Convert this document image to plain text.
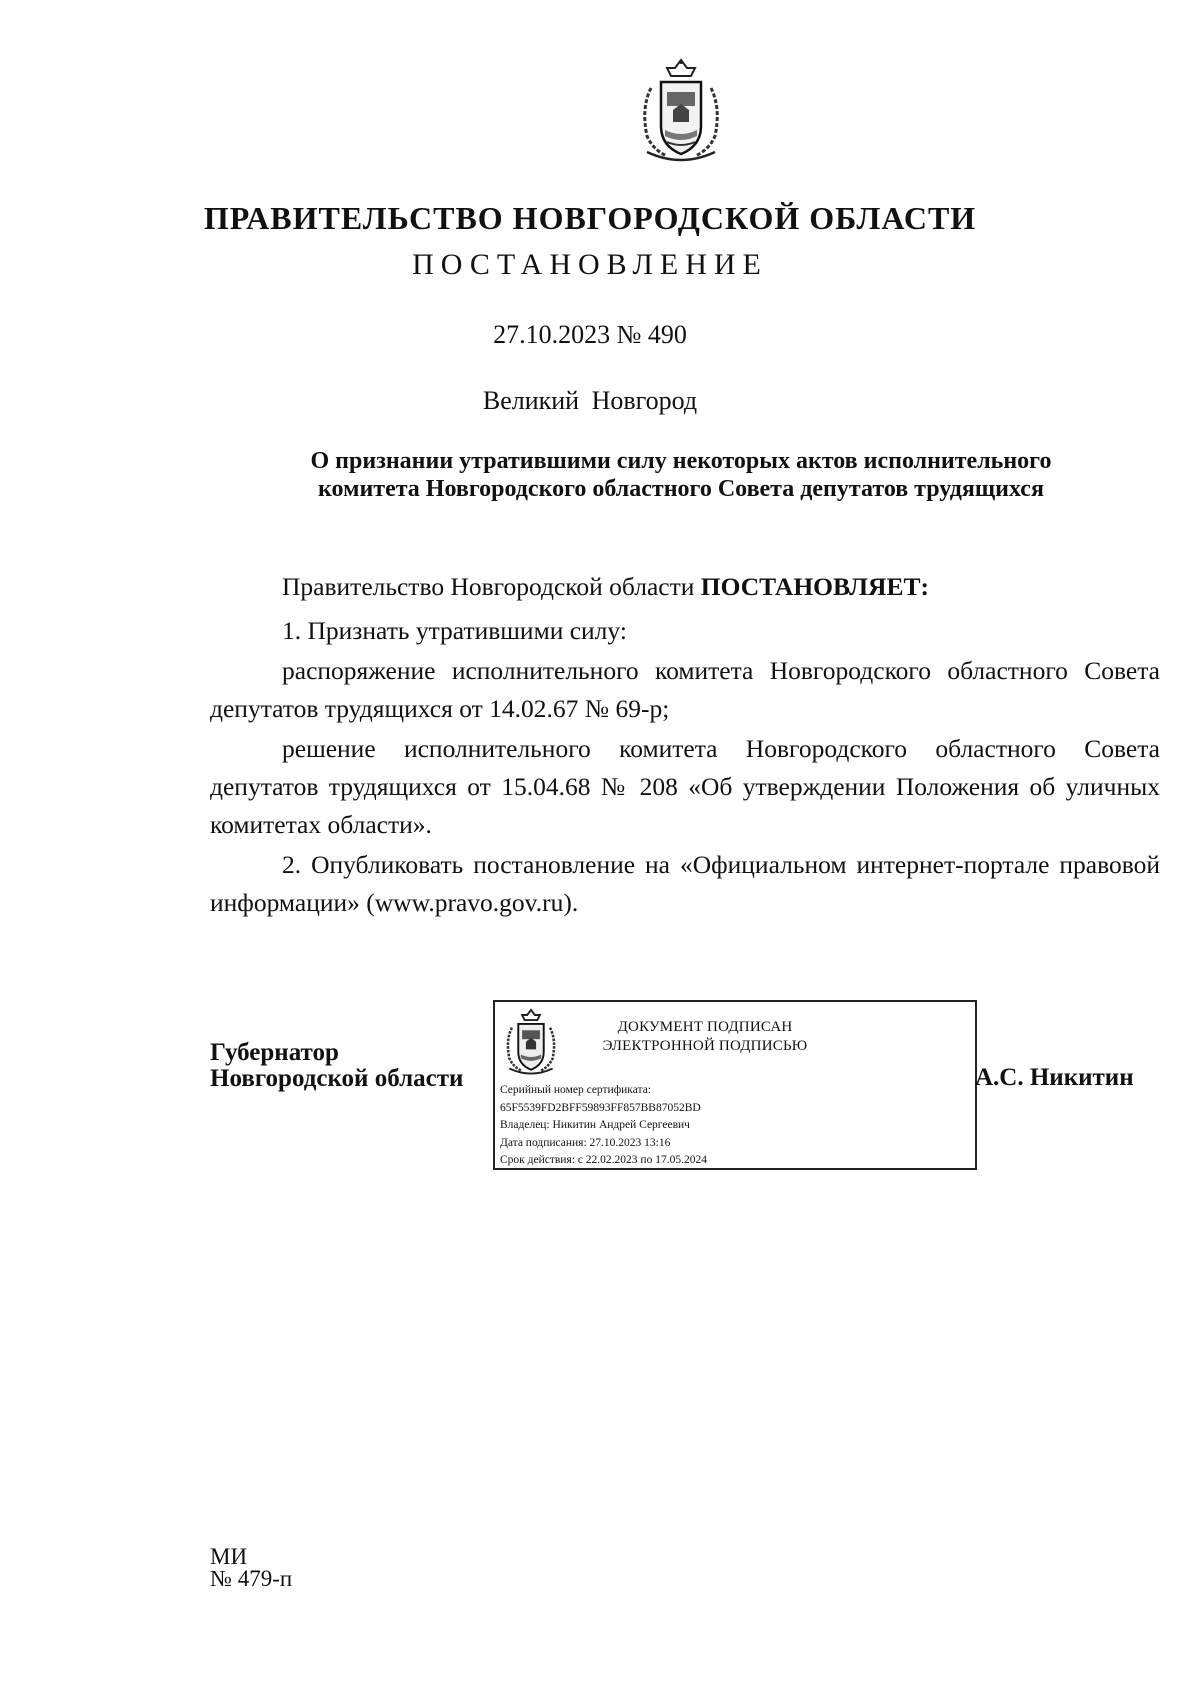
ПРАВИТЕЛЬСТВО НОВГОРОДСКОЙ ОБЛАСТИ
ПОСТАНОВЛЕНИЕ
27.10.2023 № 490
Великий Новгород
О признании утратившими силу некоторых актов исполнительного
комитета Новгородского областного Совета депутатов трудящихся

Правительство Новгородской области ПОСТАНОВЛЯЕТ:

1. Признать утратившими силу:

распоряжение исполнительного комитета Новгородского областного Совета депутатов трудящихся от 14.02.67 № 69-р;

решение исполнительного комитета Новгородского областного Совета депутатов трудящихся от 15.04.68 № 208 «Об утверждении Положения об уличных комитетах области».

2. Опубликовать постановление на «Официальном интернет-портале правовой информации» (www.pravo.gov.ru).

Губернатор
Новгородской области
ДОКУМЕНТ ПОДПИСАН
ЭЛЕКТРОННОЙ ПОДПИСЬЮ
Серийный номер сертификата:
65F5539FD2BFF59893FF857BB87052BD
Владелец: Никитин Андрей Сергеевич
Дата подписания: 27.10.2023 13:16
Срок действия: с 22.02.2023 по 17.05.2024
А.С. Никитин
МИ
№ 479-п
